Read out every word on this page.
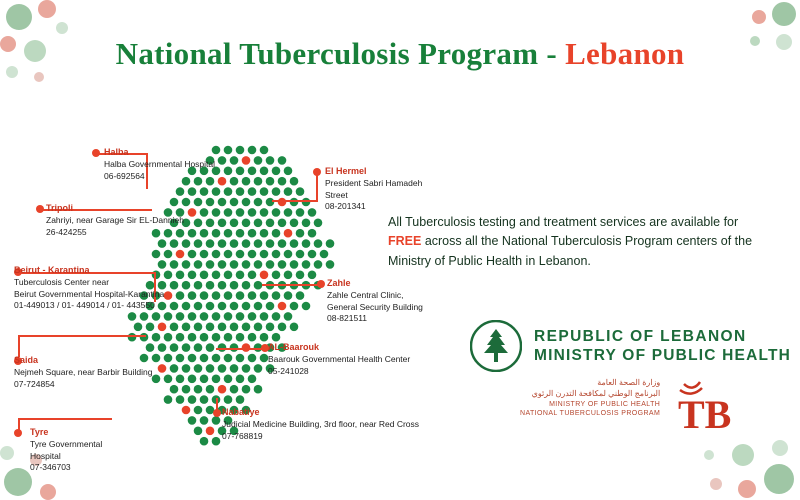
National Tuberculosis Program - Lebanon
Halba
Halba Governmental Hospital
06-692564	El Hermel
President Sabri Hamadeh
Street
08-201341
Tripoli
Zahriyi, near Garage Sir EL-Dannieh
26-424255
Beirut - Karantina
Tuberculosis Center near
Beirut Governmental Hospital-Karantina
01-449013 / 01- 449014 / 01- 443550
Zahle
Zahle Central Clinic,
General Security Building
08-821511
AL-Baarouk
Baarouk Governmental Health Center
05-241028
Saida
Nejmeh Square, near Barbir Building
07-724854
Nabatiye
Judicial Medicine Building, 3rd floor, near Red Cross
07-768819
Tyre
Tyre Governmental
Hospital
07-346703
All Tuberculosis testing and treatment services are available for FREE across all the National Tuberculosis Program centers of the Ministry of Public Health in Lebanon.
REPUBLIC OF LEBANON
MINISTRY OF PUBLIC HEALTH
وزارة الصحة العامة
البرنامج الوطني لمكافحة التدرن الرئوي
MINISTRY OF PUBLIC HEALTH
NATIONAL TUBERCULOSIS PROGRAM TB
